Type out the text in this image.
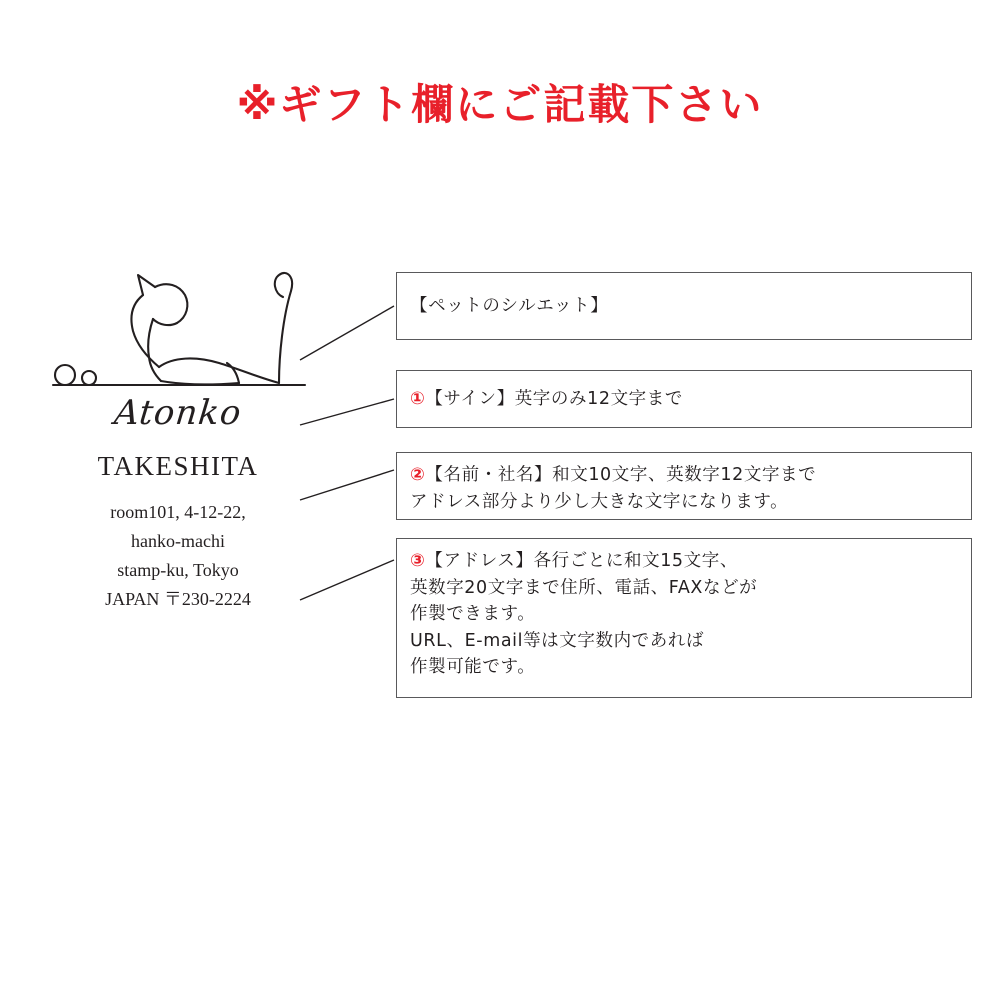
※ギフト欄にご記載下さい
Atonko
TAKESHITA
room101, 4-12-22,
hanko-machi
stamp-ku, Tokyo
JAPAN 〒230-2224
【ペットのシルエット】
① 【サイン】英字のみ12文字まで
②【名前・社名】和文10文字、英数字12文字まで
アドレス部分より少し大きな文字になります。
③【アドレス】各行ごとに和文15文字、
英数字20文字まで住所、電話、FAXなどが
作製できます。
URL、E-mail等は文字数内であれば
作製可能です。
